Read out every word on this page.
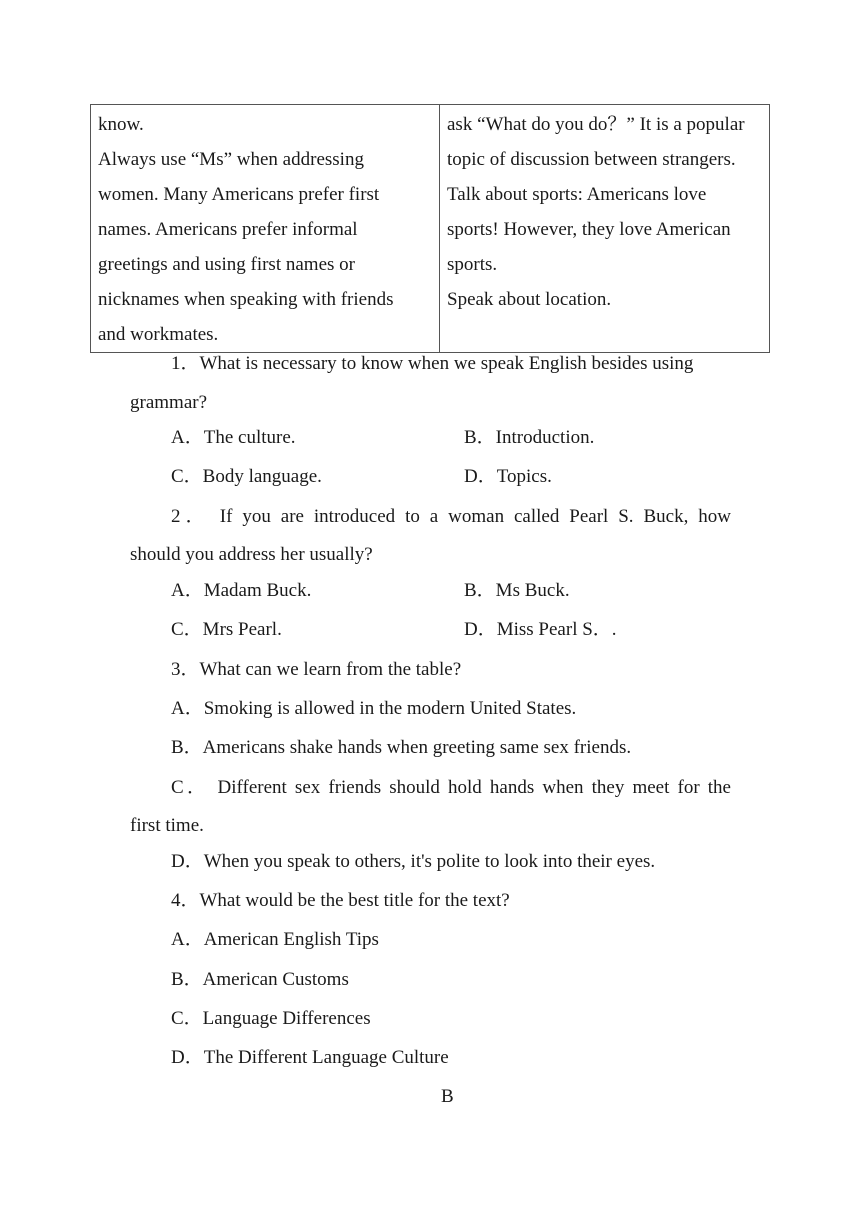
know.
Always use “Ms” when addressing
women. Many Americans prefer first
names. Americans prefer informal
greetings and using first names or
nicknames when speaking with friends
and workmates.

ask “What do you do？” It is a popular
topic of discussion between strangers.
Talk about sports: Americans love
sports! However, they love American
sports.
Speak about location.
1．What is necessary to know when we speak English besides using
grammar?
A．The culture.	B．Introduction.
C．Body language.	D．Topics.
2． If you are introduced to a woman called Pearl S. Buck, how
should you address her usually?
A．Madam Buck.	B．Ms Buck.
C．Mrs Pearl.	D．Miss Pearl S．.
3．What can we learn from the table?
A．Smoking is allowed in the modern United States.
B．Americans shake hands when greeting same sex friends.
C． Different sex friends should hold hands when they meet for the
first time.
D．When you speak to others, it's polite to look into their eyes.
4．What would be the best title for the text?
A．American English Tips
B．American Customs
C．Language Differences
D．The Different Language Culture
B
